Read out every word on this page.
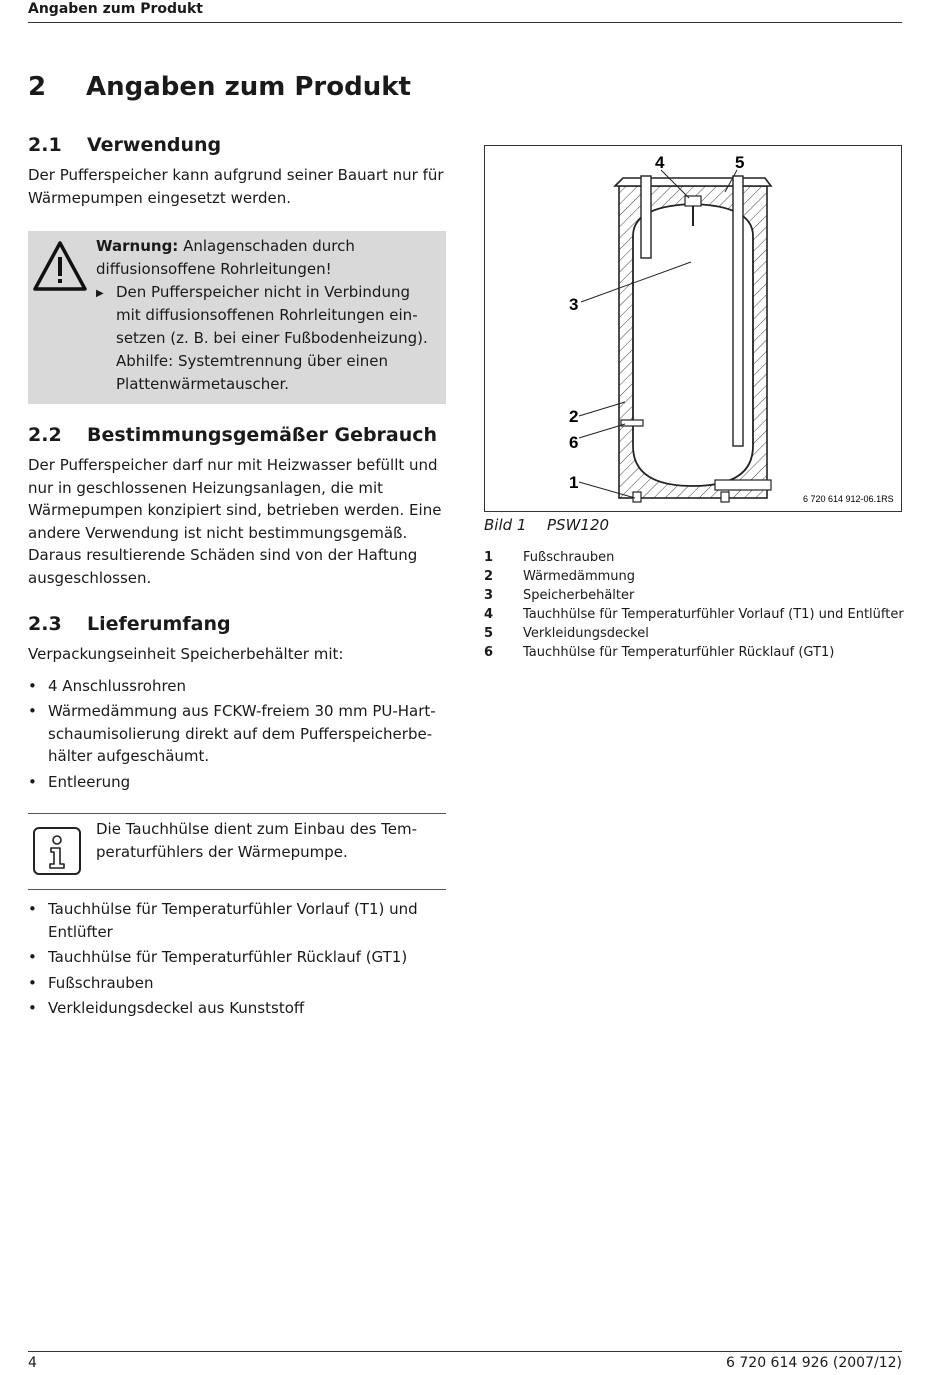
Angaben zum Produkt
2 Angaben zum Produkt
2.1 Verwendung

Der Pufferspeicher kann aufgrund seiner Bauart nur für Wärmepumpen eingesetzt werden.

Warnung: Anlagenschaden durch diffusionsoffene Rohrleitungen!
▶ Den Pufferspeicher nicht in Verbindung mit diffusionsoffenen Rohrleitungen einsetzen (z. B. bei einer Fußbodenheizung). Abhilfe: Systemtrennung über einen Plattenwärmetauscher.
2.2 Bestimmungsgemäßer Gebrauch

Der Pufferspeicher darf nur mit Heizwasser befüllt und nur in geschlossenen Heizungsanlagen, die mit Wärmepumpen konzipiert sind, betrieben werden. Eine andere Verwendung ist nicht bestimmungsgemäß. Daraus resultierende Schäden sind von der Haftung ausgeschlossen.

2.3 Lieferumfang

Verpackungseinheit Speicherbehälter mit:

• 4 Anschlussrohren
• Wärmedämmung aus FCKW-freiem 30 mm PU-Hartschaumisolierung direkt auf dem Pufferspeicherbehälter aufgeschäumt.
• Entleerung
Die Tauchhülse dient zum Einbau des Temperaturfühlers der Wärmepumpe.
• Tauchhülse für Temperaturfühler Vorlauf (T1) und Entlüfter
• Tauchhülse für Temperaturfühler Rücklauf (GT1)
• Fußschrauben
• Verkleidungsdeckel aus Kunststoff
4	5
3
2
6
1
6 720 614 912-06.1RS
Bild 1 PSW120
1	Fußschrauben
2	Wärmedämmung
3	Speicherbehälter
4	Tauchhülse für Temperaturfühler Vorlauf (T1) und Entlüfter
5	Verkleidungsdeckel
6	Tauchhülse für Temperaturfühler Rücklauf (GT1)
4	6 720 614 926 (2007/12)
